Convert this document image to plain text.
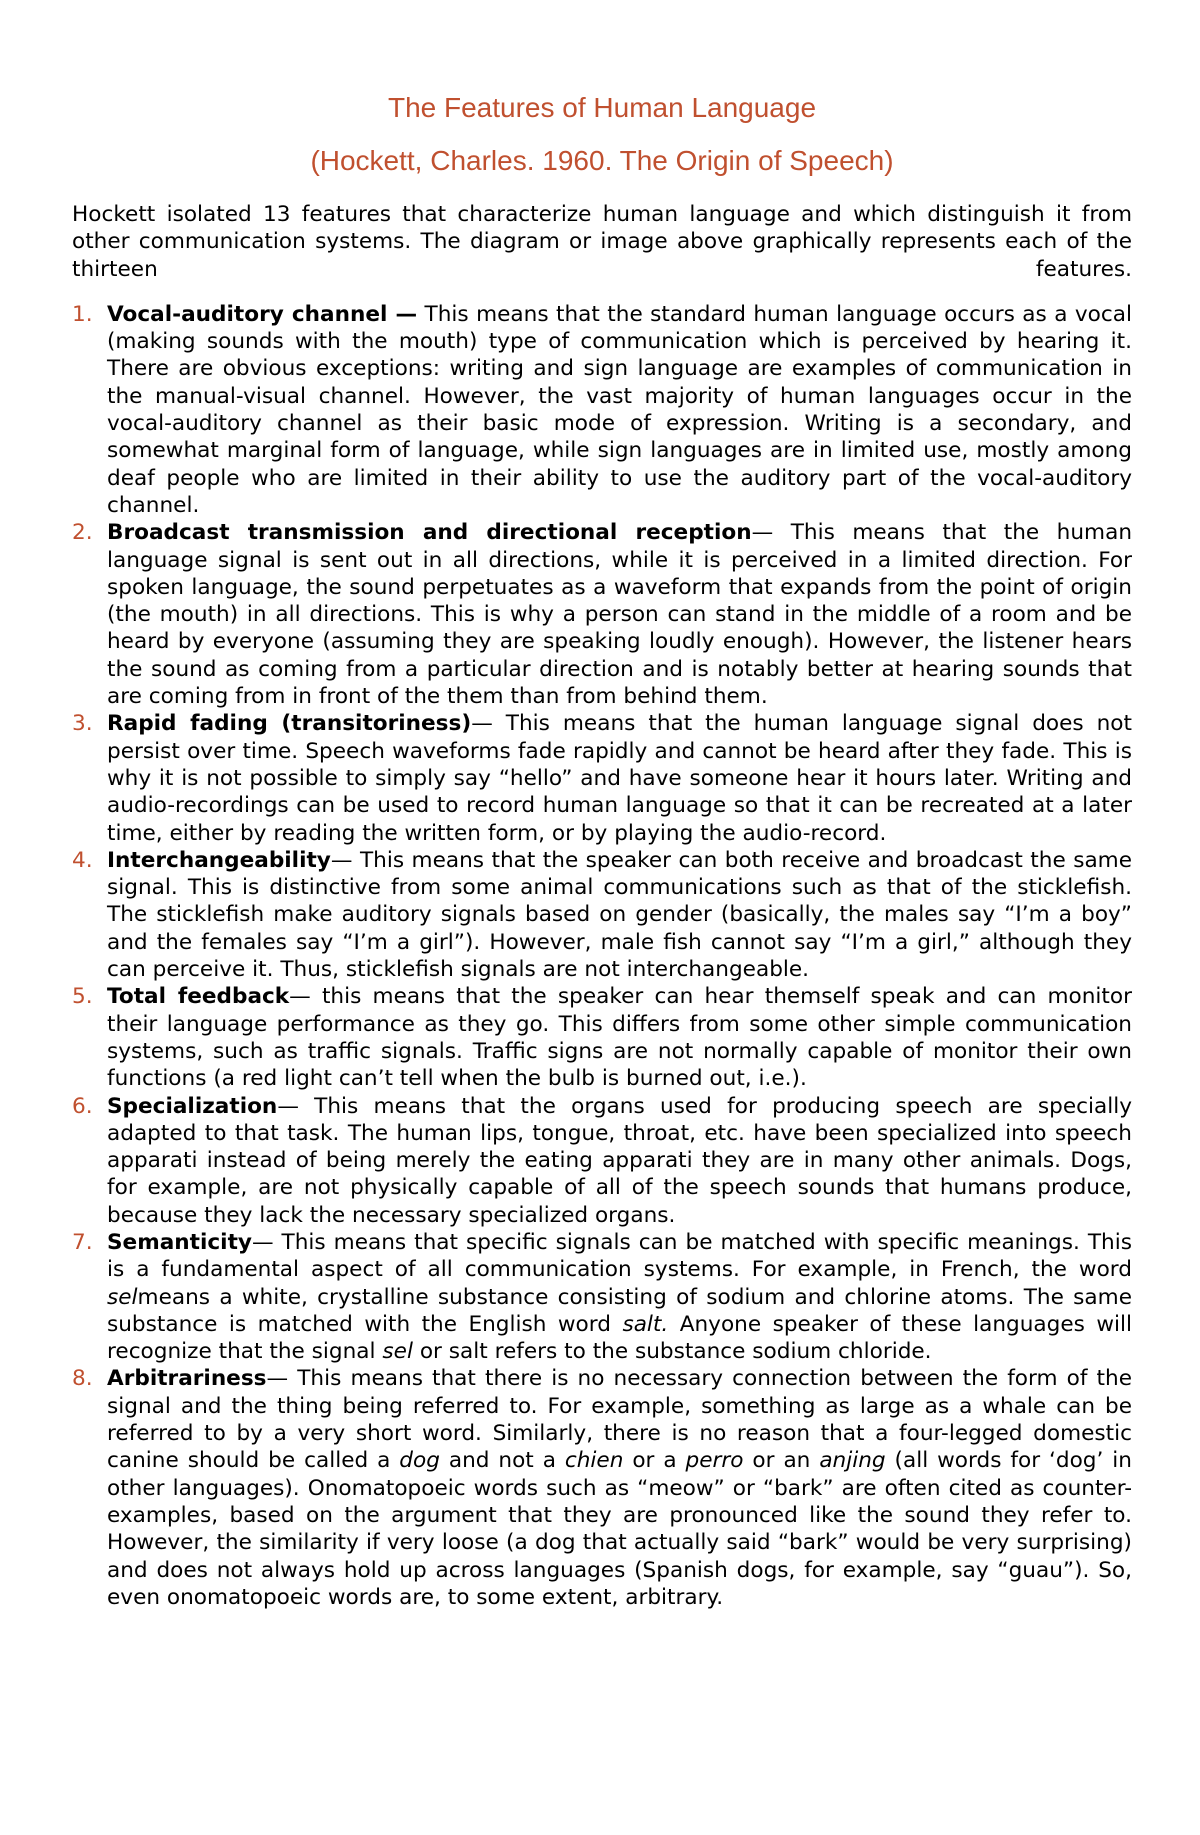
The Features of Human Language
(Hockett, Charles. 1960. The Origin of Speech)

Hockett isolated 13 features that characterize human language and which distinguish it from other communication systems. The diagram or image above graphically represents each of the thirteen features.

1. Vocal-auditory channel — This means that the standard human language occurs as a vocal (making sounds with the mouth) type of communication which is perceived by hearing it. There are obvious exceptions: writing and sign language are examples of communication in the manual-visual channel. However, the vast majority of human languages occur in the vocal-auditory channel as their basic mode of expression. Writing is a secondary, and somewhat marginal form of language, while sign languages are in limited use, mostly among deaf people who are limited in their ability to use the auditory part of the vocal-auditory channel.
2. Broadcast transmission and directional reception— This means that the human language signal is sent out in all directions, while it is perceived in a limited direction. For spoken language, the sound perpetuates as a waveform that expands from the point of origin (the mouth) in all directions. This is why a person can stand in the middle of a room and be heard by everyone (assuming they are speaking loudly enough). However, the listener hears the sound as coming from a particular direction and is notably better at hearing sounds that are coming from in front of the them than from behind them.
3. Rapid fading (transitoriness)— This means that the human language signal does not persist over time. Speech waveforms fade rapidly and cannot be heard after they fade. This is why it is not possible to simply say “hello” and have someone hear it hours later. Writing and audio-recordings can be used to record human language so that it can be recreated at a later time, either by reading the written form, or by playing the audio-record.
4. Interchangeability— This means that the speaker can both receive and broadcast the same signal. This is distinctive from some animal communications such as that of the sticklefish. The sticklefish make auditory signals based on gender (basically, the males say “I’m a boy” and the females say “I’m a girl”). However, male fish cannot say “I’m a girl,” although they can perceive it. Thus, sticklefish signals are not interchangeable.
5. Total feedback— this means that the speaker can hear themself speak and can monitor their language performance as they go. This differs from some other simple communication systems, such as traffic signals. Traffic signs are not normally capable of monitor their own functions (a red light can’t tell when the bulb is burned out, i.e.).
6. Specialization— This means that the organs used for producing speech are specially adapted to that task. The human lips, tongue, throat, etc. have been specialized into speech apparati instead of being merely the eating apparati they are in many other animals. Dogs, for example, are not physically capable of all of the speech sounds that humans produce, because they lack the necessary specialized organs.
7. Semanticity— This means that specific signals can be matched with specific meanings. This is a fundamental aspect of all communication systems. For example, in French, the word selmeans a white, crystalline substance consisting of sodium and chlorine atoms. The same substance is matched with the English word salt. Anyone speaker of these languages will recognize that the signal sel or salt refers to the substance sodium chloride.
8. Arbitrariness— This means that there is no necessary connection between the form of the signal and the thing being referred to. For example, something as large as a whale can be referred to by a very short word. Similarly, there is no reason that a four-legged domestic canine should be called a dog and not a chien or a perro or an anjing (all words for ‘dog’ in other languages). Onomatopoeic words such as “meow” or “bark” are often cited as counter-examples, based on the argument that they are pronounced like the sound they refer to. However, the similarity if very loose (a dog that actually said “bark” would be very surprising) and does not always hold up across languages (Spanish dogs, for example, say “guau”). So, even onomatopoeic words are, to some extent, arbitrary.
